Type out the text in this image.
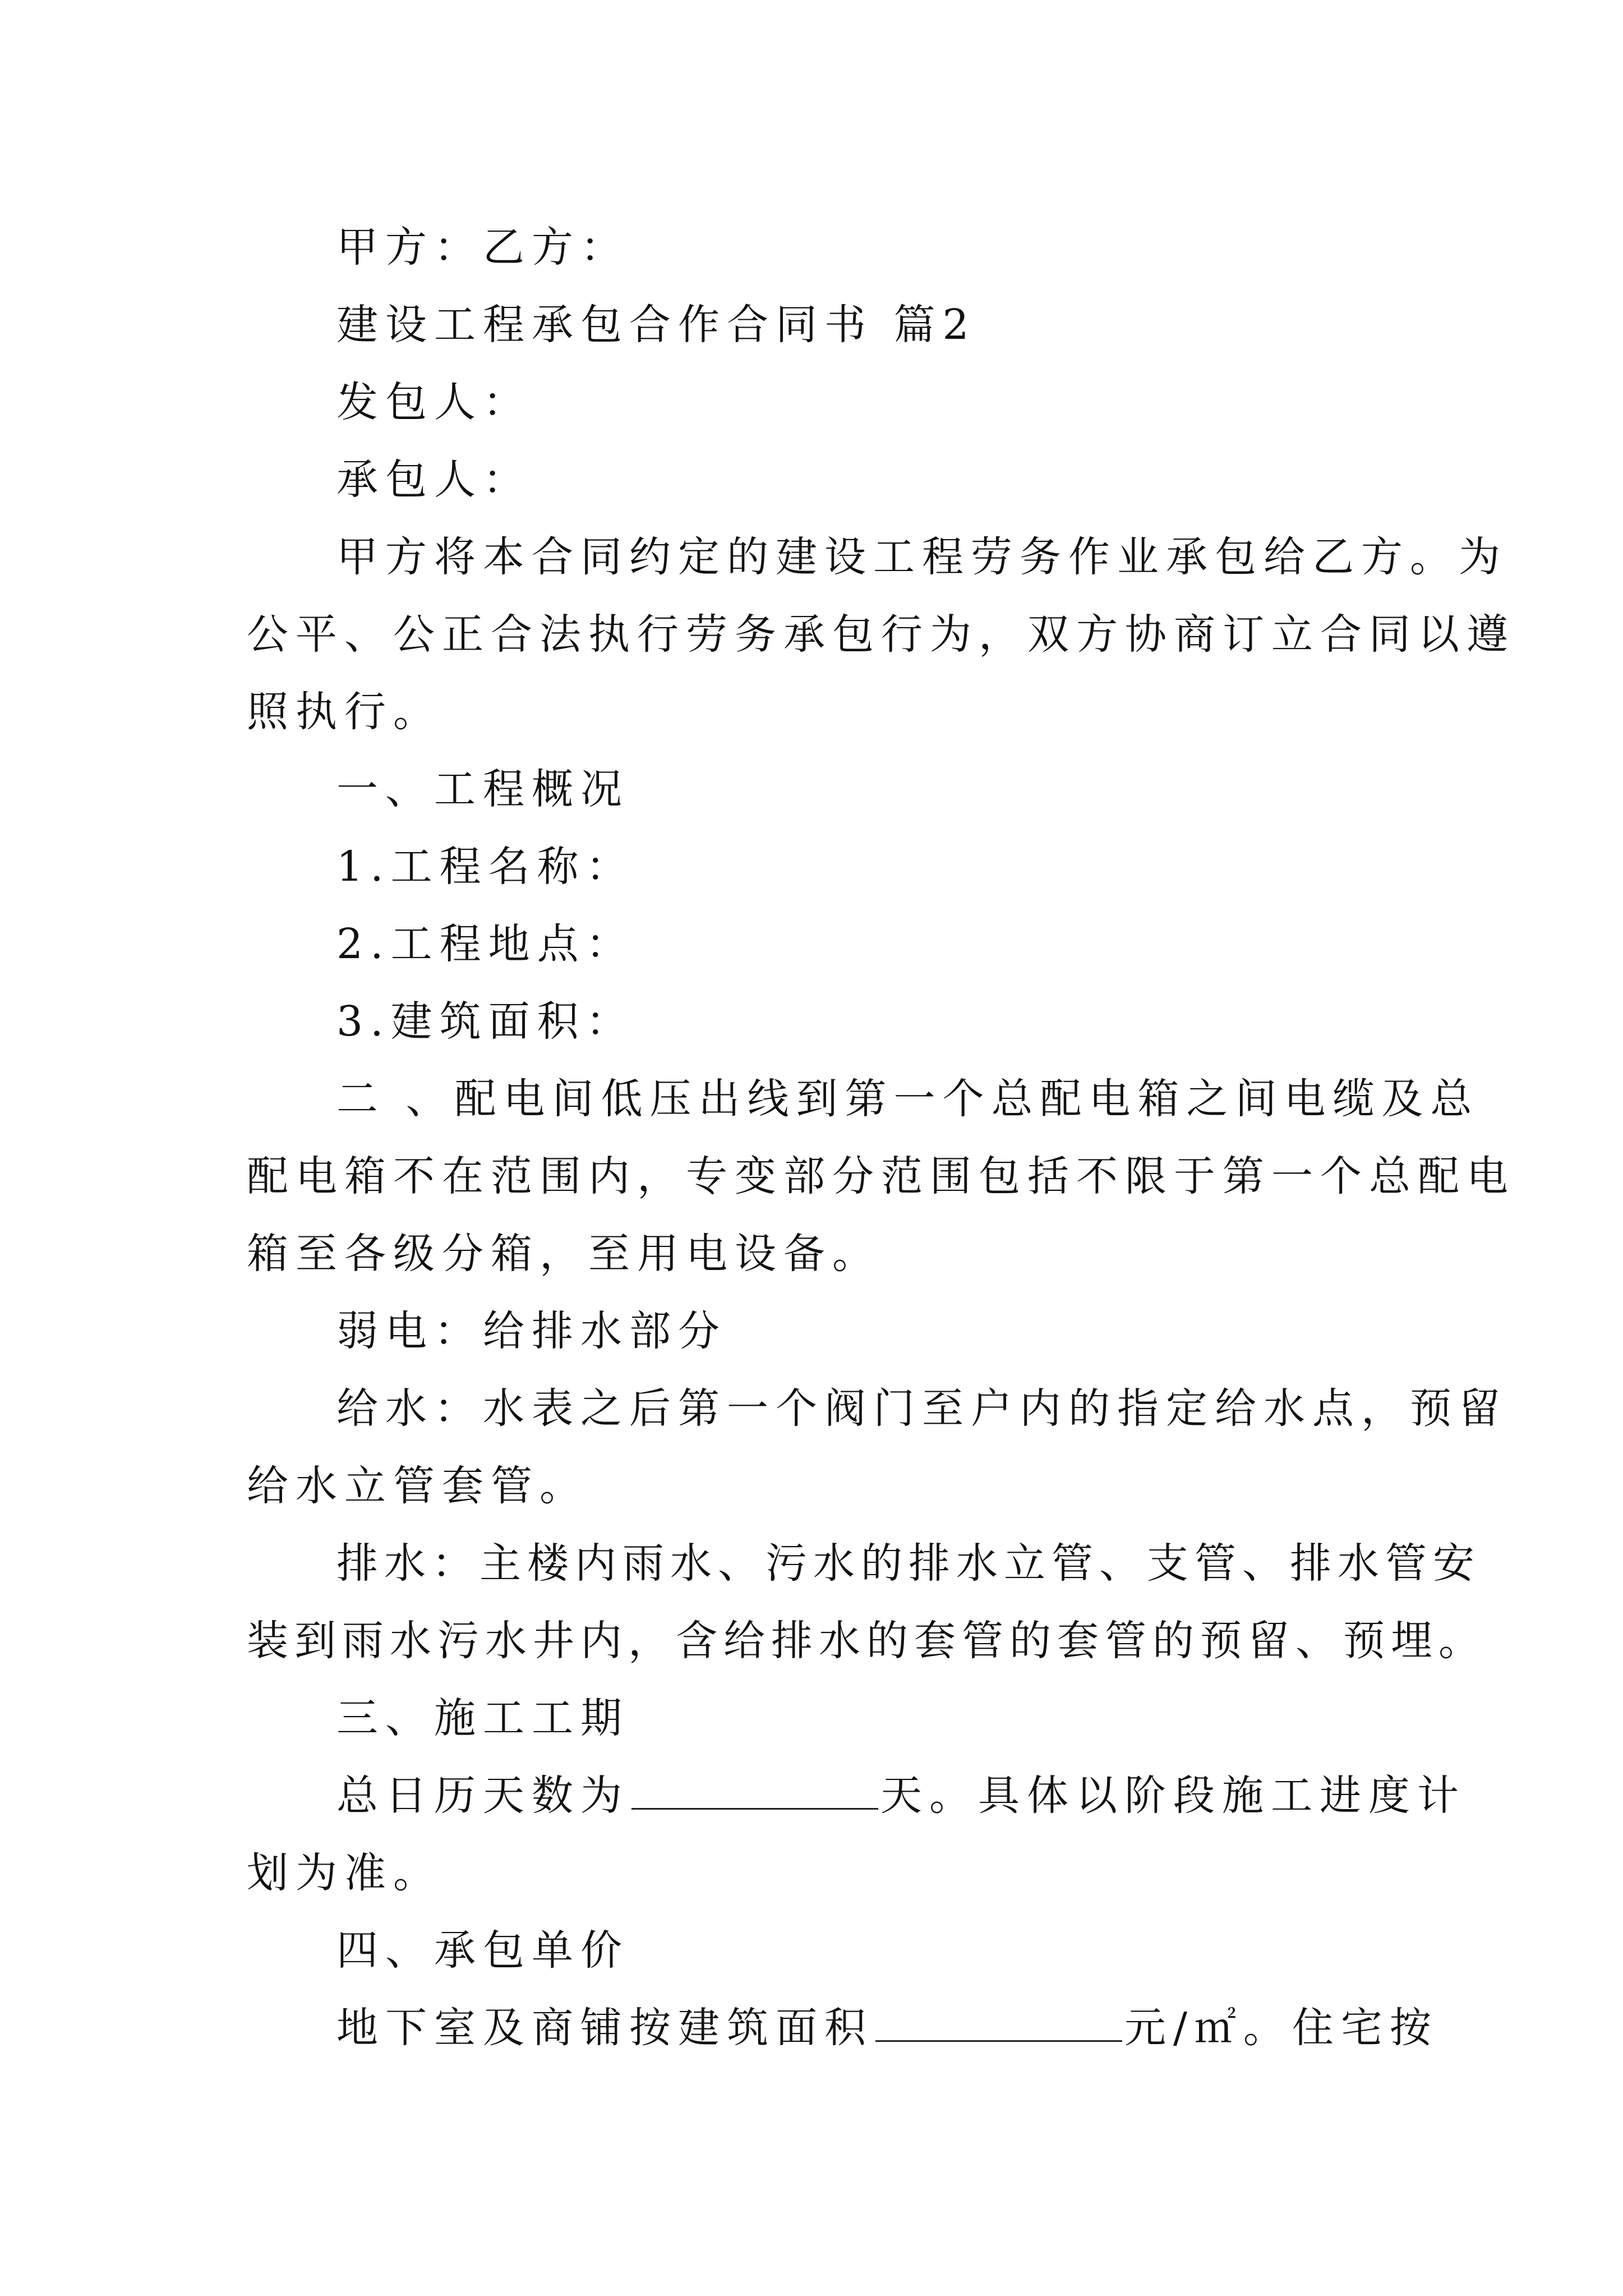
甲方：乙方：

建设工程承包合作合同书 篇2

发包人：

承包人：

甲方将本合同约定的建设工程劳务作业承包给乙方。为
公平、公正合法执行劳务承包行为，双方协商订立合同以遵
照执行。

一、工程概况

1.工程名称：

2.工程地点：

3.建筑面积：

二 、配电间低压出线到第一个总配电箱之间电缆及总
配电箱不在范围内，专变部分范围包括不限于第一个总配电
箱至各级分箱，至用电设备。

弱电：给排水部分

给水：水表之后第一个阀门至户内的指定给水点，预留
给水立管套管。

排水：主楼内雨水、污水的排水立管、支管、排水管安
装到雨水污水井内，含给排水的套管的套管的预留、预埋。

三、施工工期

总日历天数为	天。具体以阶段施工进度计
划为准。

四、承包单价

地下室及商铺按建筑面积	元/㎡。住宅按
